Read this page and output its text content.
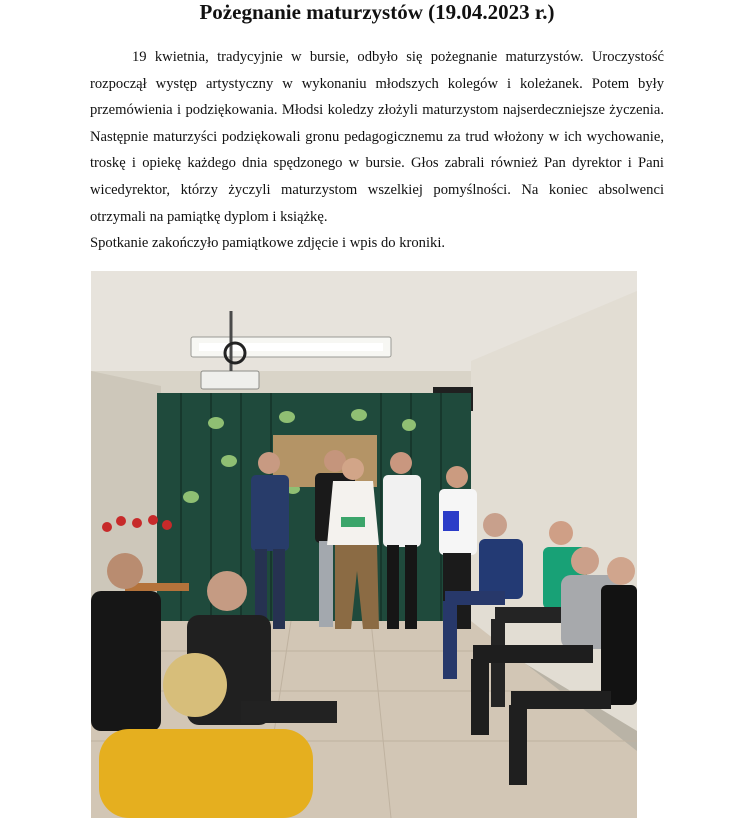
Pożegnanie maturzystów (19.04.2023 r.)

19 kwietnia, tradycyjnie w bursie, odbyło się pożegnanie maturzystów. Uroczystość rozpoczął występ artystyczny w wykonaniu młodszych kolegów i koleżanek. Potem były przemówienia i podziękowania. Młodsi koledzy złożyli maturzystom najserdeczniejsze życzenia. Następnie maturzyści podziękowali gronu pedagogicznemu za trud włożony w ich wychowanie, troskę i opiekę każdego dnia spędzonego w bursie. Głos zabrali również Pan dyrektor i Pani wicedyrektor, którzy życzyli maturzystom wszelkiej pomyślności. Na koniec absolwenci otrzymali na pamiątkę dyplom i książkę.

Spotkanie zakończyło pamiątkowe zdjęcie i wpis do kroniki.
